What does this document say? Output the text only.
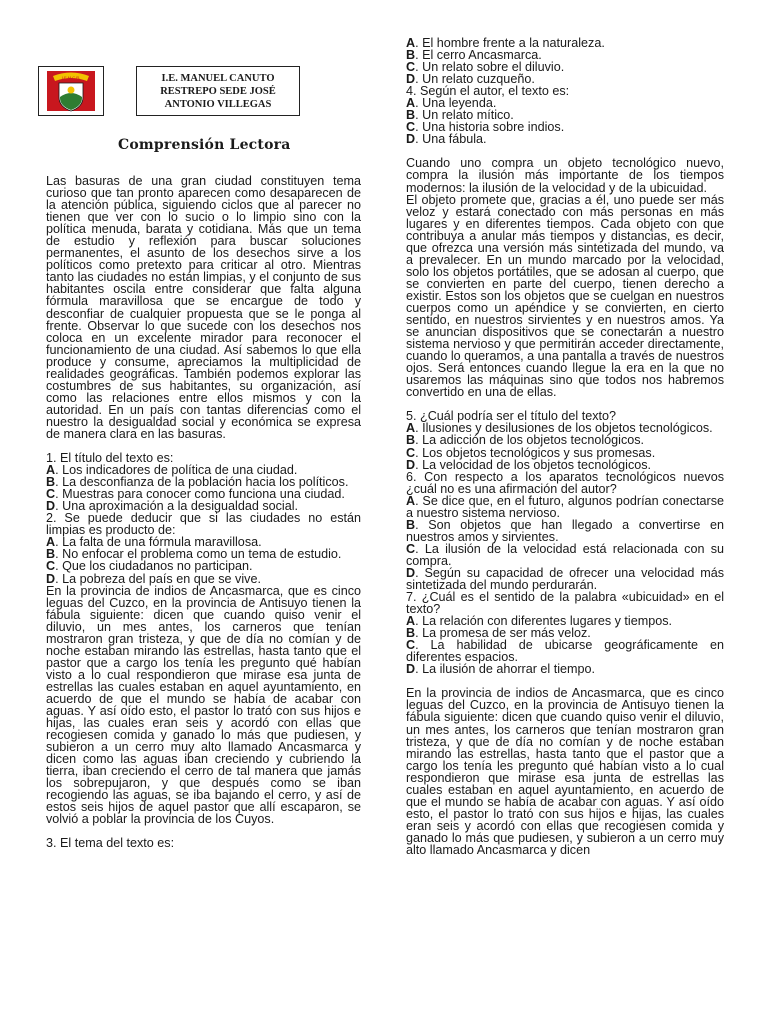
I.E.M.C.R.	I.E. MANUEL CANUTO
RESTREPO SEDE JOSÉ
ANTONIO VILLEGAS
Comprensión Lectora

Las basuras de una gran ciudad constituyen tema curioso que tan pronto aparecen como desaparecen de la atención pública, siguiendo ciclos que al parecer no tienen que ver con lo sucio o lo limpio sino con la política menuda, barata y cotidiana. Más que un tema de estudio y reflexión para buscar soluciones permanentes, el asunto de los desechos sirve a los políticos como pretexto para criticar al otro. Mientras tanto las ciudades no están limpias, y el conjunto de sus habitantes oscila entre considerar que falta alguna fórmula maravillosa que se encargue de todo y desconfiar de cualquier propuesta que se le ponga al frente. Observar lo que sucede con los desechos nos coloca en un excelente mirador para reconocer el funcionamiento de una ciudad. Así sabemos lo que ella produce y consume, apreciamos la multiplicidad de realidades geográficas. También podemos explorar las costumbres de sus habitantes, su organización, así como las relaciones entre ellos mismos y con la autoridad. En un país con tantas diferencias como el nuestro la desigualdad social y económica se expresa de manera clara en las basuras.

1. El título del texto es:

A. Los indicadores de política de una ciudad.

B. La desconfianza de la población hacia los políticos.

C. Muestras para conocer como funciona una ciudad.

D. Una aproximación a la desigualdad social.

2. Se puede deducir que si las ciudades no están limpias es producto de:

A. La falta de una fórmula maravillosa.

B. No enfocar el problema como un tema de estudio.

C. Que los ciudadanos no participan.

D. La pobreza del país en que se vive.

En la provincia de indios de Ancasmarca, que es cinco leguas del Cuzco, en la provincia de Antisuyo tienen la fábula siguiente: dicen que cuando quiso venir el diluvio, un mes antes, los carneros que tenían mostraron gran tristeza, y que de día no comían y de noche estaban mirando las estrellas, hasta tanto que el pastor que a cargo los tenía les pregunto qué habían visto a lo cual respondieron que mirase esa junta de estrellas las cuales estaban en aquel ayuntamiento, en acuerdo de que el mundo se había de acabar con aguas. Y así oído esto, el pastor lo trató con sus hijos e hijas, las cuales eran seis y acordó con ellas que recogiesen comida y ganado lo más que pudiesen, y subieron a un cerro muy alto llamado Ancasmarca y dicen como las aguas iban creciendo y cubriendo la tierra, iban creciendo el cerro de tal manera que jamás los sobrepujaron, y que después como se iban recogiendo las aguas, se iba bajando el cerro, y así de estos seis hijos de aquel pastor que allí escaparon, se volvió a poblar la provincia de los Cuyos.

3. El tema del texto es:

A. El hombre frente a la naturaleza.

B. El cerro Ancasmarca.

C. Un relato sobre el diluvio.

D. Un relato cuzqueño.

4. Según el autor, el texto es:

A. Una leyenda.

B. Un relato mítico.

C. Una historia sobre indios.

D. Una fábula.

Cuando uno compra un objeto tecnológico nuevo, compra la ilusión más importante de los tiempos modernos: la ilusión de la velocidad y de la ubicuidad.

El objeto promete que, gracias a él, uno puede ser más veloz y estará conectado con más personas en más lugares y en diferentes tiempos. Cada objeto con que contribuya a anular más tiempos y distancias, es decir, que ofrezca una versión más sintetizada del mundo, va a prevalecer. En un mundo marcado por la velocidad, solo los objetos portátiles, que se adosan al cuerpo, que se convierten en parte del cuerpo, tienen derecho a existir. Estos son los objetos que se cuelgan en nuestros cuerpos como un apéndice y se convierten, en cierto sentido, en nuestros sirvientes y en nuestros amos. Ya se anuncian dispositivos que se conectarán a nuestro sistema nervioso y que permitirán acceder directamente, cuando lo queramos, a una pantalla a través de nuestros ojos. Será entonces cuando llegue la era en la que no usaremos las máquinas sino que todos nos habremos convertido en una de ellas.

5. ¿Cuál podría ser el título del texto?

A. Ilusiones y desilusiones de los objetos tecnológicos.

B. La adicción de los objetos tecnológicos.

C. Los objetos tecnológicos y sus promesas.

D. La velocidad de los objetos tecnológicos.

6. Con respecto a los aparatos tecnológicos nuevos ¿cuál no es una afirmación del autor?

A. Se dice que, en el futuro, algunos podrían conectarse a nuestro sistema nervioso.

B. Son objetos que han llegado a convertirse en nuestros amos y sirvientes.

C. La ilusión de la velocidad está relacionada con su compra.

D. Según su capacidad de ofrecer una velocidad más sintetizada del mundo perdurarán.

7. ¿Cuál es el sentido de la palabra «ubicuidad» en el texto?

A. La relación con diferentes lugares y tiempos.

B. La promesa de ser más veloz.

C. La habilidad de ubicarse geográficamente en diferentes espacios.

D. La ilusión de ahorrar el tiempo.

En la provincia de indios de Ancasmarca, que es cinco leguas del Cuzco, en la provincia de Antisuyo tienen la fábula siguiente: dicen que cuando quiso venir el diluvio, un mes antes, los carneros que tenían mostraron gran tristeza, y que de día no comían y de noche estaban mirando las estrellas, hasta tanto que el pastor que a cargo los tenía les pregunto qué habían visto a lo cual respondieron que mirase esa junta de estrellas las cuales estaban en aquel ayuntamiento, en acuerdo de que el mundo se había de acabar con aguas. Y así oído esto, el pastor lo trató con sus hijos e hijas, las cuales eran seis y acordó con ellas que recogiesen comida y ganado lo más que pudiesen, y subieron a un cerro muy alto llamado Ancasmarca y dicen
